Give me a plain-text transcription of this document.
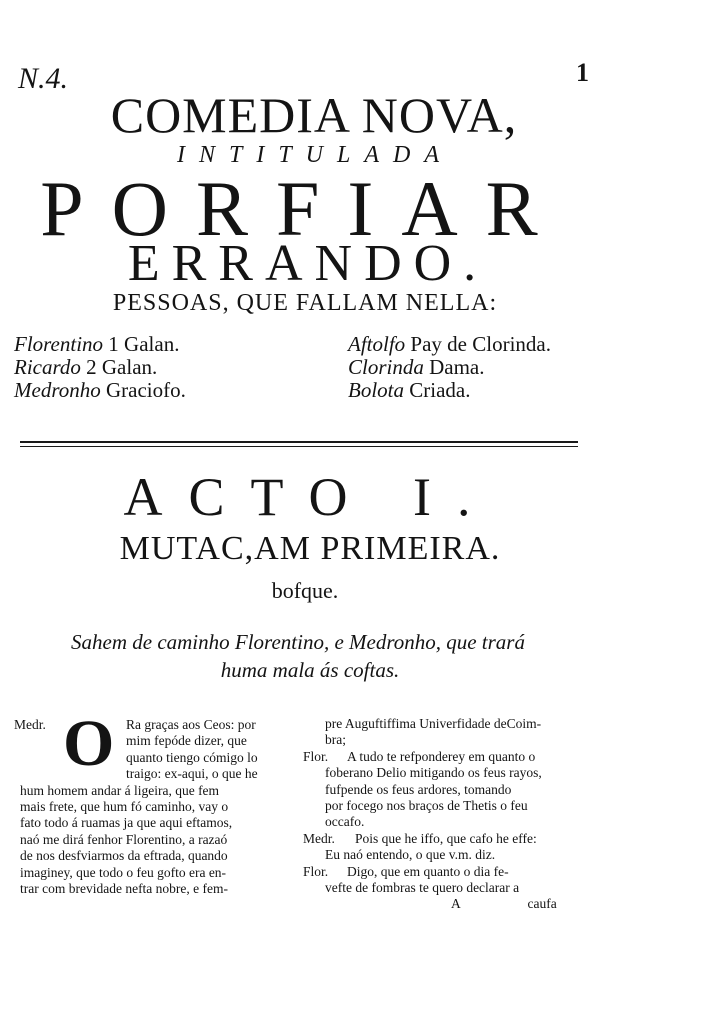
N.4.	1
COMEDIA NOVA,
INTITULADA
PORFIAR
ERRANDO.
PESSOAS, QUE FALLAM NELLA:
Florentino 1 Galan.
Ricardo 2 Galan.
Medronho Graciofo.
Aftolfo Pay de Clorinda.
Clorinda Dama.
Bolota Criada.
ACTO I.
MUTAC,AM PRIMEIRA.
bofque.
Sahem de caminho Florentino, e Medronho, que trará
huma mala ás coftas.
Medr.	Ra graças aos Ceos: por
mim fepóde dizer, que
quanto tiengo cómigo lo
traigo: ex-aqui, o que he
hum homem andar á ligeira, que fem
mais frete, que hum fó caminho, vay o
fato todo á ruamas ja que aqui eftamos,
naó me dirá fenhor Florentino, a razaó
de nos desfviarmos da eftrada, quando
imaginey, que todo o feu gofto era en-
trar com brevidade nefta nobre, e fem-
O	pre Auguftiffima Univerfidade deCoim-
bra;
Flor. A tudo te refponderey em quanto o
foberano Delio mitigando os feus rayos,
fufpende os feus ardores, tomando
por focego nos braços de Thetis o feu
occafo.
Medr. Pois que he iffo, que cafo he effe:
Eu naó entendo, o que v.m. diz.
Flor. Digo, que em quanto o dia fe-
vefte de fombras te quero declarar a
A                    caufa
